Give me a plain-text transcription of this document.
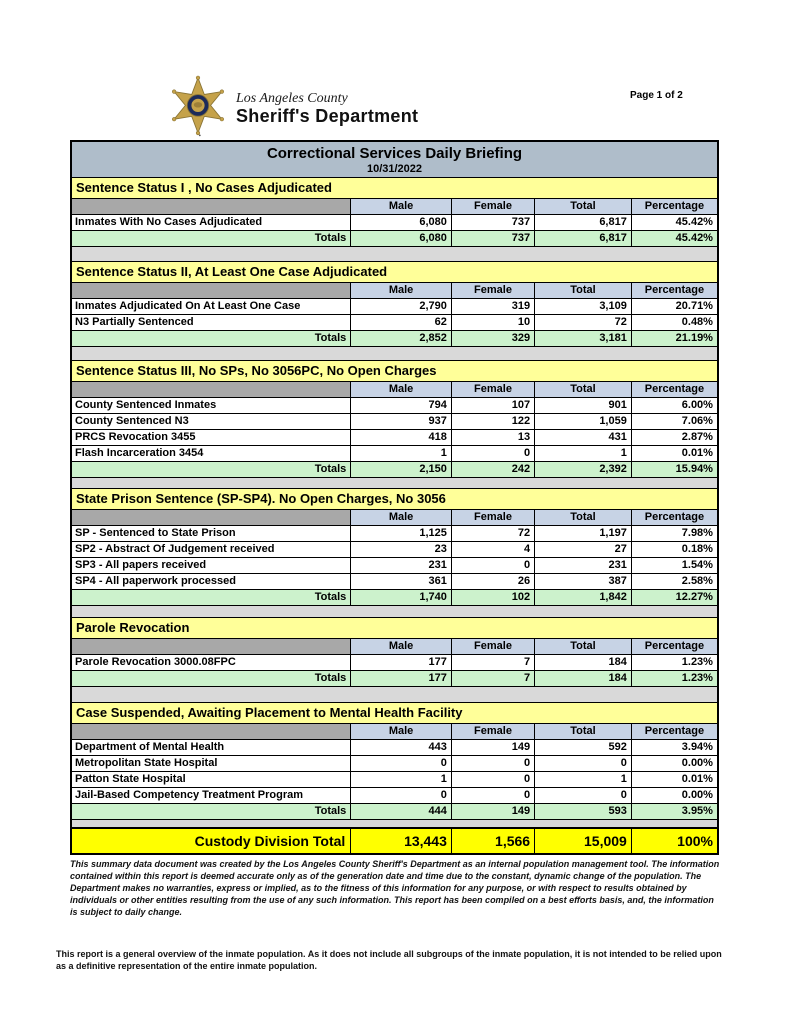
Los Angeles County
Sheriff's Department
Page 1 of 2
Correctional Services Daily Briefing
10/31/2022
Sentence Status I , No Cases Adjudicated
Male	Female	Total	Percentage
Inmates With No Cases Adjudicated	6,080	737	6,817	45.42%
Totals	6,080	737	6,817	45.42%
Sentence Status II, At Least One Case Adjudicated
Male	Female	Total	Percentage
Inmates Adjudicated On At Least One Case	2,790	319	3,109	20.71%
N3 Partially Sentenced	62	10	72	0.48%
Totals	2,852	329	3,181	21.19%
Sentence Status III, No SPs, No 3056PC, No Open Charges
Male	Female	Total	Percentage
County Sentenced Inmates	794	107	901	6.00%
County Sentenced N3	937	122	1,059	7.06%
PRCS Revocation 3455	418	13	431	2.87%
Flash Incarceration 3454	1	0	1	0.01%
Totals	2,150	242	2,392	15.94%
State Prison Sentence (SP-SP4). No Open Charges, No 3056
Male	Female	Total	Percentage
SP - Sentenced to State Prison	1,125	72	1,197	7.98%
SP2 - Abstract Of Judgement received	23	4	27	0.18%
SP3 - All papers received	231	0	231	1.54%
SP4 - All paperwork processed	361	26	387	2.58%
Totals	1,740	102	1,842	12.27%
Parole Revocation
Male	Female	Total	Percentage
Parole Revocation 3000.08FPC	177	7	184	1.23%
Totals	177	7	184	1.23%
Case Suspended, Awaiting Placement to Mental Health Facility
Male	Female	Total	Percentage
Department of Mental Health	443	149	592	3.94%
Metropolitan State Hospital	0	0	0	0.00%
Patton State Hospital	1	0	1	0.01%
Jail-Based Competency Treatment Program	0	0	0	0.00%
Totals	444	149	593	3.95%
Custody Division Total	13,443	1,566	15,009	100%
This summary data document was created by the Los Angeles County Sheriff's Department as an internal population management tool. The information contained within this report is deemed accurate only as of the generation date and time due to the constant, dynamic change of the population. The Department makes no warranties, express or implied, as to the fitness of this information for any purpose, or with respect to results obtained by individuals or other entities resulting from the use of any such information. This report has been compiled on a best efforts basis, and, the information is subject to daily change.
This report is a general overview of the inmate population. As it does not include all subgroups of the inmate population, it is not intended to be relied upon as a definitive representation of the entire inmate population.
